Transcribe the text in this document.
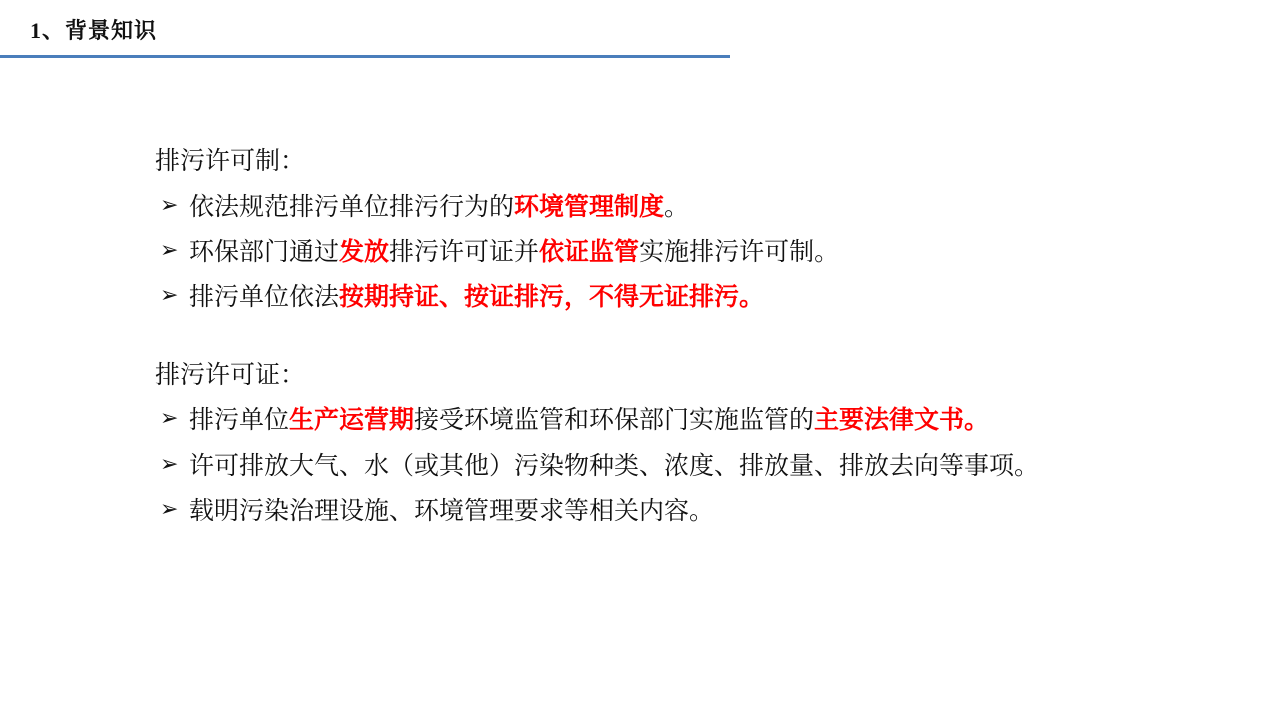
1、背景知识
排污许可制：
➢ 依法规范排污单位排污行为的环境管理制度。
➢ 环保部门通过发放排污许可证并依证监管实施排污许可制。
➢ 排污单位依法按期持证、按证排污，不得无证排污。
排污许可证：
➢ 排污单位生产运营期接受环境监管和环保部门实施监管的主要法律文书。
➢ 许可排放大气、水（或其他）污染物种类、浓度、排放量、排放去向等事项。
➢ 载明污染治理设施、环境管理要求等相关内容。
